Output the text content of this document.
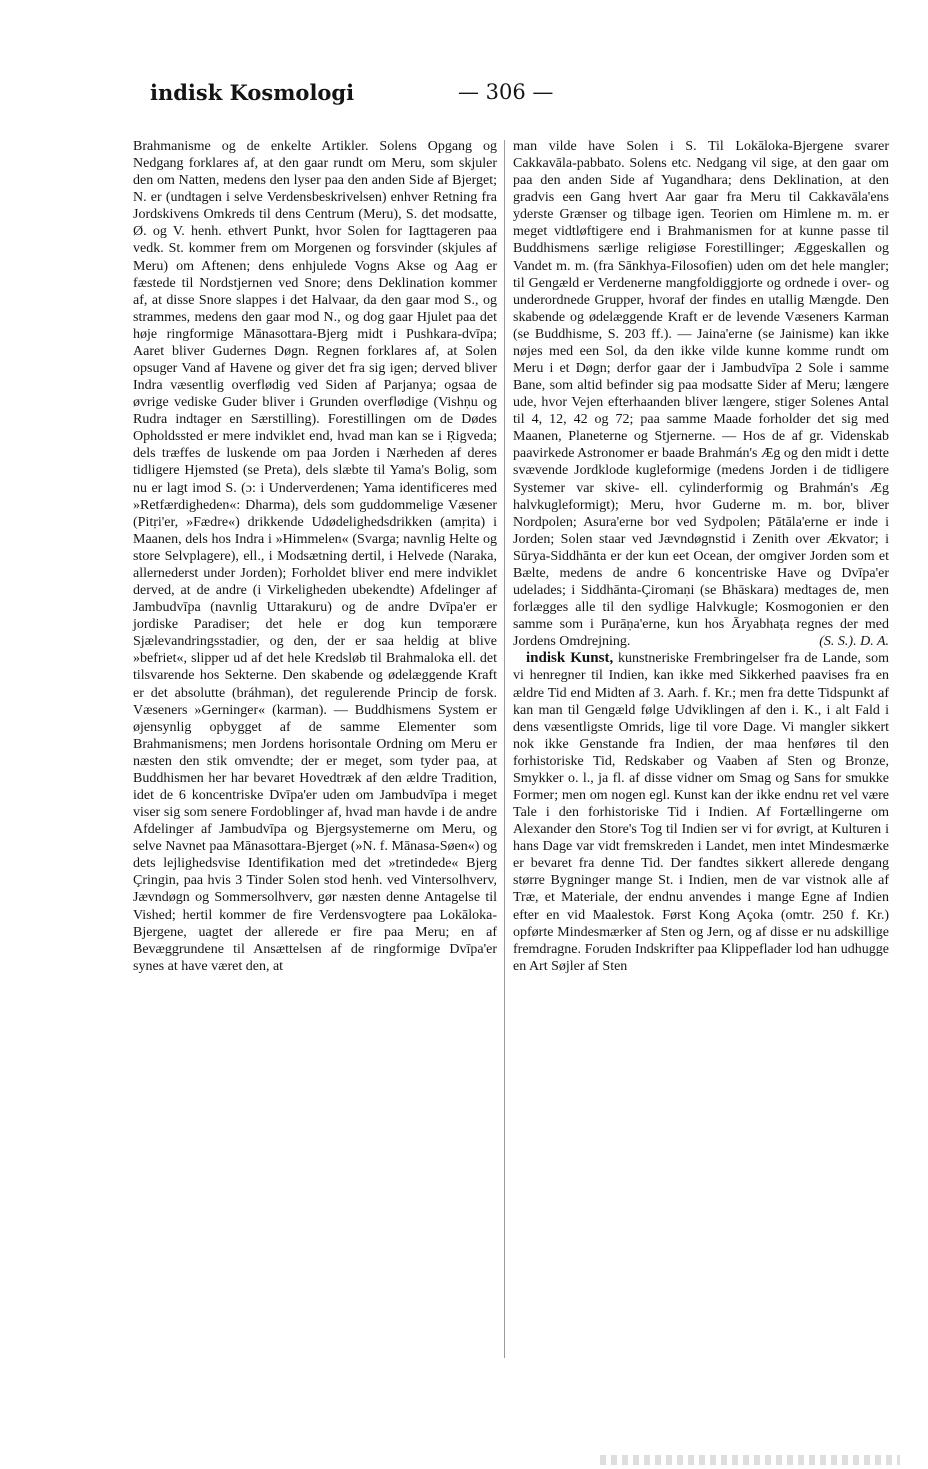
indisk Kosmologi	— 306 —

Brahmanisme og de enkelte Artikler. Solens Opgang og Nedgang forklares af, at den gaar rundt om Meru, som skjuler den om Natten, medens den lyser paa den anden Side af Bjerget; N. er (undtagen i selve Verdensbeskrivelsen) enhver Retning fra Jordskivens Omkreds til dens Centrum (Meru), S. det modsatte, Ø. og V. henh. ethvert Punkt, hvor Solen for Iagttageren paa vedk. St. kommer frem om Morgenen og forsvinder (skjules af Meru) om Aftenen; dens enhjulede Vogns Akse og Aag er fæstede til Nordstjernen ved Snore; dens Deklination kommer af, at disse Snore slappes i det Halvaar, da den gaar mod S., og strammes, medens den gaar mod N., og dog gaar Hjulet paa det høje ringformige Mānasottara-Bjerg midt i Pushkara-dvīpa; Aaret bliver Gudernes Døgn. Regnen forklares af, at Solen opsuger Vand af Havene og giver det fra sig igen; derved bliver Indra væsentlig overflødig ved Siden af Parjanya; ogsaa de øvrige vediske Guder bliver i Grunden overflødige (Vishṇu og Rudra indtager en Særstilling). Forestillingen om de Dødes Opholdssted er mere indviklet end, hvad man kan se i Ṛigveda; dels træffes de luskende om paa Jorden i Nærheden af deres tidligere Hjemsted (se Preta), dels slæbte til Yama's Bolig, som nu er lagt imod S. (ɔ: i Underverdenen; Yama identificeres med »Retfærdigheden«: Dharma), dels som guddommelige Væsener (Pitṛi'er, »Fædre«) drikkende Udødelighedsdrikken (amṛita) i Maanen, dels hos Indra i »Himmelen« (Svarga; navnlig Helte og store Selvplagere), ell., i Modsætning dertil, i Helvede (Naraka, allernederst under Jorden); Forholdet bliver end mere indviklet derved, at de andre (i Virkeligheden ubekendte) Afdelinger af Jambudvīpa (navnlig Uttarakuru) og de andre Dvīpa'er er jordiske Paradiser; det hele er dog kun temporære Sjælevandringsstadier, og den, der er saa heldig at blive »befriet«, slipper ud af det hele Kredsløb til Brahmaloka ell. det tilsvarende hos Sekterne. Den skabende og ødelæggende Kraft er det absolutte (bráhman), det regulerende Princip de forsk. Væseners »Gerninger« (karman). — Buddhismens System er øjensynlig opbygget af de samme Elementer som Brahmanismens; men Jordens horisontale Ordning om Meru er næsten den stik omvendte; der er meget, som tyder paa, at Buddhismen her har bevaret Hovedtræk af den ældre Tradition, idet de 6 koncentriske Dvīpa'er uden om Jambudvīpa i meget viser sig som senere Fordoblinger af, hvad man havde i de andre Afdelinger af Jambudvīpa og Bjergsystemerne om Meru, og selve Navnet paa Mānasottara-Bjerget (»N. f. Mānasa-Søen«) og dets lejlighedsvise Identifikation med det »tretindede« Bjerg Çringin, paa hvis 3 Tinder Solen stod henh. ved Vintersolhverv, Jævndøgn og Sommersolhverv, gør næsten denne Antagelse til Vished; hertil kommer de fire Verdensvogtere paa Lokāloka-Bjergene, uagtet der allerede er fire paa Meru; en af Bevæggrundene til Ansættelsen af de ringformige Dvīpa'er synes at have været den, at

man vilde have Solen i S. Til Lokāloka-Bjergene svarer Cakkavāla-pabbato. Solens etc. Nedgang vil sige, at den gaar om paa den anden Side af Yugandhara; dens Deklination, at den gradvis een Gang hvert Aar gaar fra Meru til Cakkavāla'ens yderste Grænser og tilbage igen. Teorien om Himlene m. m. er meget vidtløftigere end i Brahmanismen for at kunne passe til Buddhismens særlige religiøse Forestillinger; Æggeskallen og Vandet m. m. (fra Sānkhya-Filosofien) uden om det hele mangler; til Gengæld er Verdenerne mangfoldiggjorte og ordnede i over- og underordnede Grupper, hvoraf der findes en utallig Mængde. Den skabende og ødelæggende Kraft er de levende Væseners Karman (se Buddhisme, S. 203 ff.). — Jaina'erne (se Jainisme) kan ikke nøjes med een Sol, da den ikke vilde kunne komme rundt om Meru i et Døgn; derfor gaar der i Jambudvīpa 2 Sole i samme Bane, som altid befinder sig paa modsatte Sider af Meru; længere ude, hvor Vejen efterhaanden bliver længere, stiger Solenes Antal til 4, 12, 42 og 72; paa samme Maade forholder det sig med Maanen, Planeterne og Stjernerne. — Hos de af gr. Videnskab paavirkede Astronomer er baade Brahmán's Æg og den midt i dette svævende Jordklode kugleformige (medens Jorden i de tidligere Systemer var skive- ell. cylinderformig og Brahmán's Æg halvkugleformigt); Meru, hvor Guderne m. m. bor, bliver Nordpolen; Asura'erne bor ved Sydpolen; Pātāla'erne er inde i Jorden; Solen staar ved Jævndøgnstid i Zenith over Ækvator; i Sūrya-Siddhānta er der kun eet Ocean, der omgiver Jorden som et Bælte, medens de andre 6 koncentriske Have og Dvīpa'er udelades; i Siddhānta-Çiromaṇi (se Bhāskara) medtages de, men forlægges alle til den sydlige Halvkugle; Kosmogonien er den samme som i Purāṇa'erne, kun hos Āryabhaṭa regnes der med Jordens Omdrejning.	(S. S.). D. A.

indisk Kunst, kunstneriske Frembringelser fra de Lande, som vi henregner til Indien, kan ikke med Sikkerhed paavises fra en ældre Tid end Midten af 3. Aarh. f. Kr.; men fra dette Tidspunkt af kan man til Gengæld følge Udviklingen af den i. K., i alt Fald i dens væsentligste Omrids, lige til vore Dage. Vi mangler sikkert nok ikke Genstande fra Indien, der maa henføres til den forhistoriske Tid, Redskaber og Vaaben af Sten og Bronze, Smykker o. l., ja fl. af disse vidner om Smag og Sans for smukke Former; men om nogen egl. Kunst kan der ikke endnu ret vel være Tale i den forhistoriske Tid i Indien. Af Fortællingerne om Alexander den Store's Tog til Indien ser vi for øvrigt, at Kulturen i hans Dage var vidt fremskreden i Landet, men intet Mindesmærke er bevaret fra denne Tid. Der fandtes sikkert allerede dengang større Bygninger mange St. i Indien, men de var vistnok alle af Træ, et Materiale, der endnu anvendes i mange Egne af Indien efter en vid Maalestok. Først Kong Açoka (omtr. 250 f. Kr.) opførte Mindesmærker af Sten og Jern, og af disse er nu adskillige fremdragne. Foruden Indskrifter paa Klippeflader lod han udhugge en Art Søjler af Sten
